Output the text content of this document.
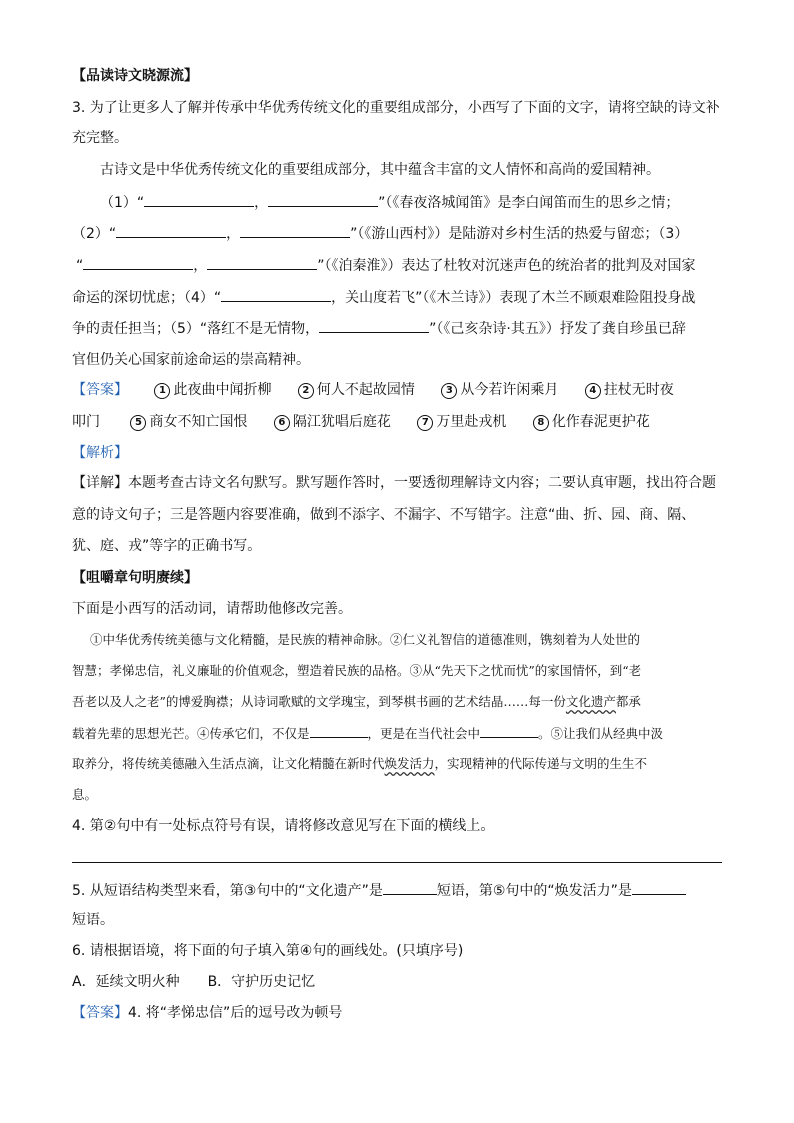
【品读诗文晓源流】
3. 为了让更多人了解并传承中华优秀传统文化的重要组成部分，小西写了下面的文字，请将空缺的诗文补
充完整。
古诗文是中华优秀传统文化的重要组成部分，其中蕴含丰富的文人情怀和高尚的爱国精神。
（1）“	，	”（《春夜洛城闻笛》是李白闻笛而生的思乡之情；
（2）“	，	”（《游山西村》）是陆游对乡村生活的热爱与留恋；（3）
“	，	”（《泊秦淮》）表达了杜牧对沉迷声色的统治者的批判及对国家
命运的深切忧虑；（4）“	，关山度若飞”（《木兰诗》）表现了木兰不顾艰难险阻投身战
争的责任担当；（5）“落红不是无情物，	”（《己亥杂诗·其五》）抒发了龚自珍虽已辞
官但仍关心国家前途命运的崇高精神。
【答案】	1 此夜曲中闻折柳	2 何人不起故园情	3 从今若许闲乘月	4 拄杖无时夜
叩门	5 商女不知亡国恨	6 隔江犹唱后庭花	7 万里赴戎机	8 化作春泥更护花
【解析】
【详解】本题考查古诗文名句默写。默写题作答时，一要透彻理解诗文内容；二要认真审题，找出符合题
意的诗文句子；三是答题内容要准确，做到不添字、不漏字、不写错字。注意“曲、折、园、商、隔、
犹、庭、戎”等字的正确书写。
【咀嚼章句明赓续】
下面是小西写的活动词，请帮助他修改完善。
①中华优秀传统美德与文化精髓，是民族的精神命脉。②仁义礼智信的道德准则，镌刻着为人处世的
智慧；孝悌忠信，礼义廉耻的价值观念，塑造着民族的品格。③从“先天下之忧而忧”的家国情怀，到“老
吾老以及人之老”的博爱胸襟；从诗词歌赋的文学瑰宝，到琴棋书画的艺术结晶……每一份文化遗产都承
载着先辈的思想光芒。④传承它们，不仅是	，更是在当代社会中	。⑤让我们从经典中汲
取养分，将传统美德融入生活点滴，让文化精髓在新时代焕发活力，实现精神的代际传递与文明的生生不
息。
4. 第②句中有一处标点符号有误，请将修改意见写在下面的横线上。
5. 从短语结构类型来看，第③句中的“文化遗产”是	短语，第⑤句中的“焕发活力”是
短语。
6. 请根据语境，将下面的句子填入第④句的画线处。(只填序号)
A．延续文明火种　　B．守护历史记忆
【答案】4. 将“孝悌忠信”后的逗号改为顿号
